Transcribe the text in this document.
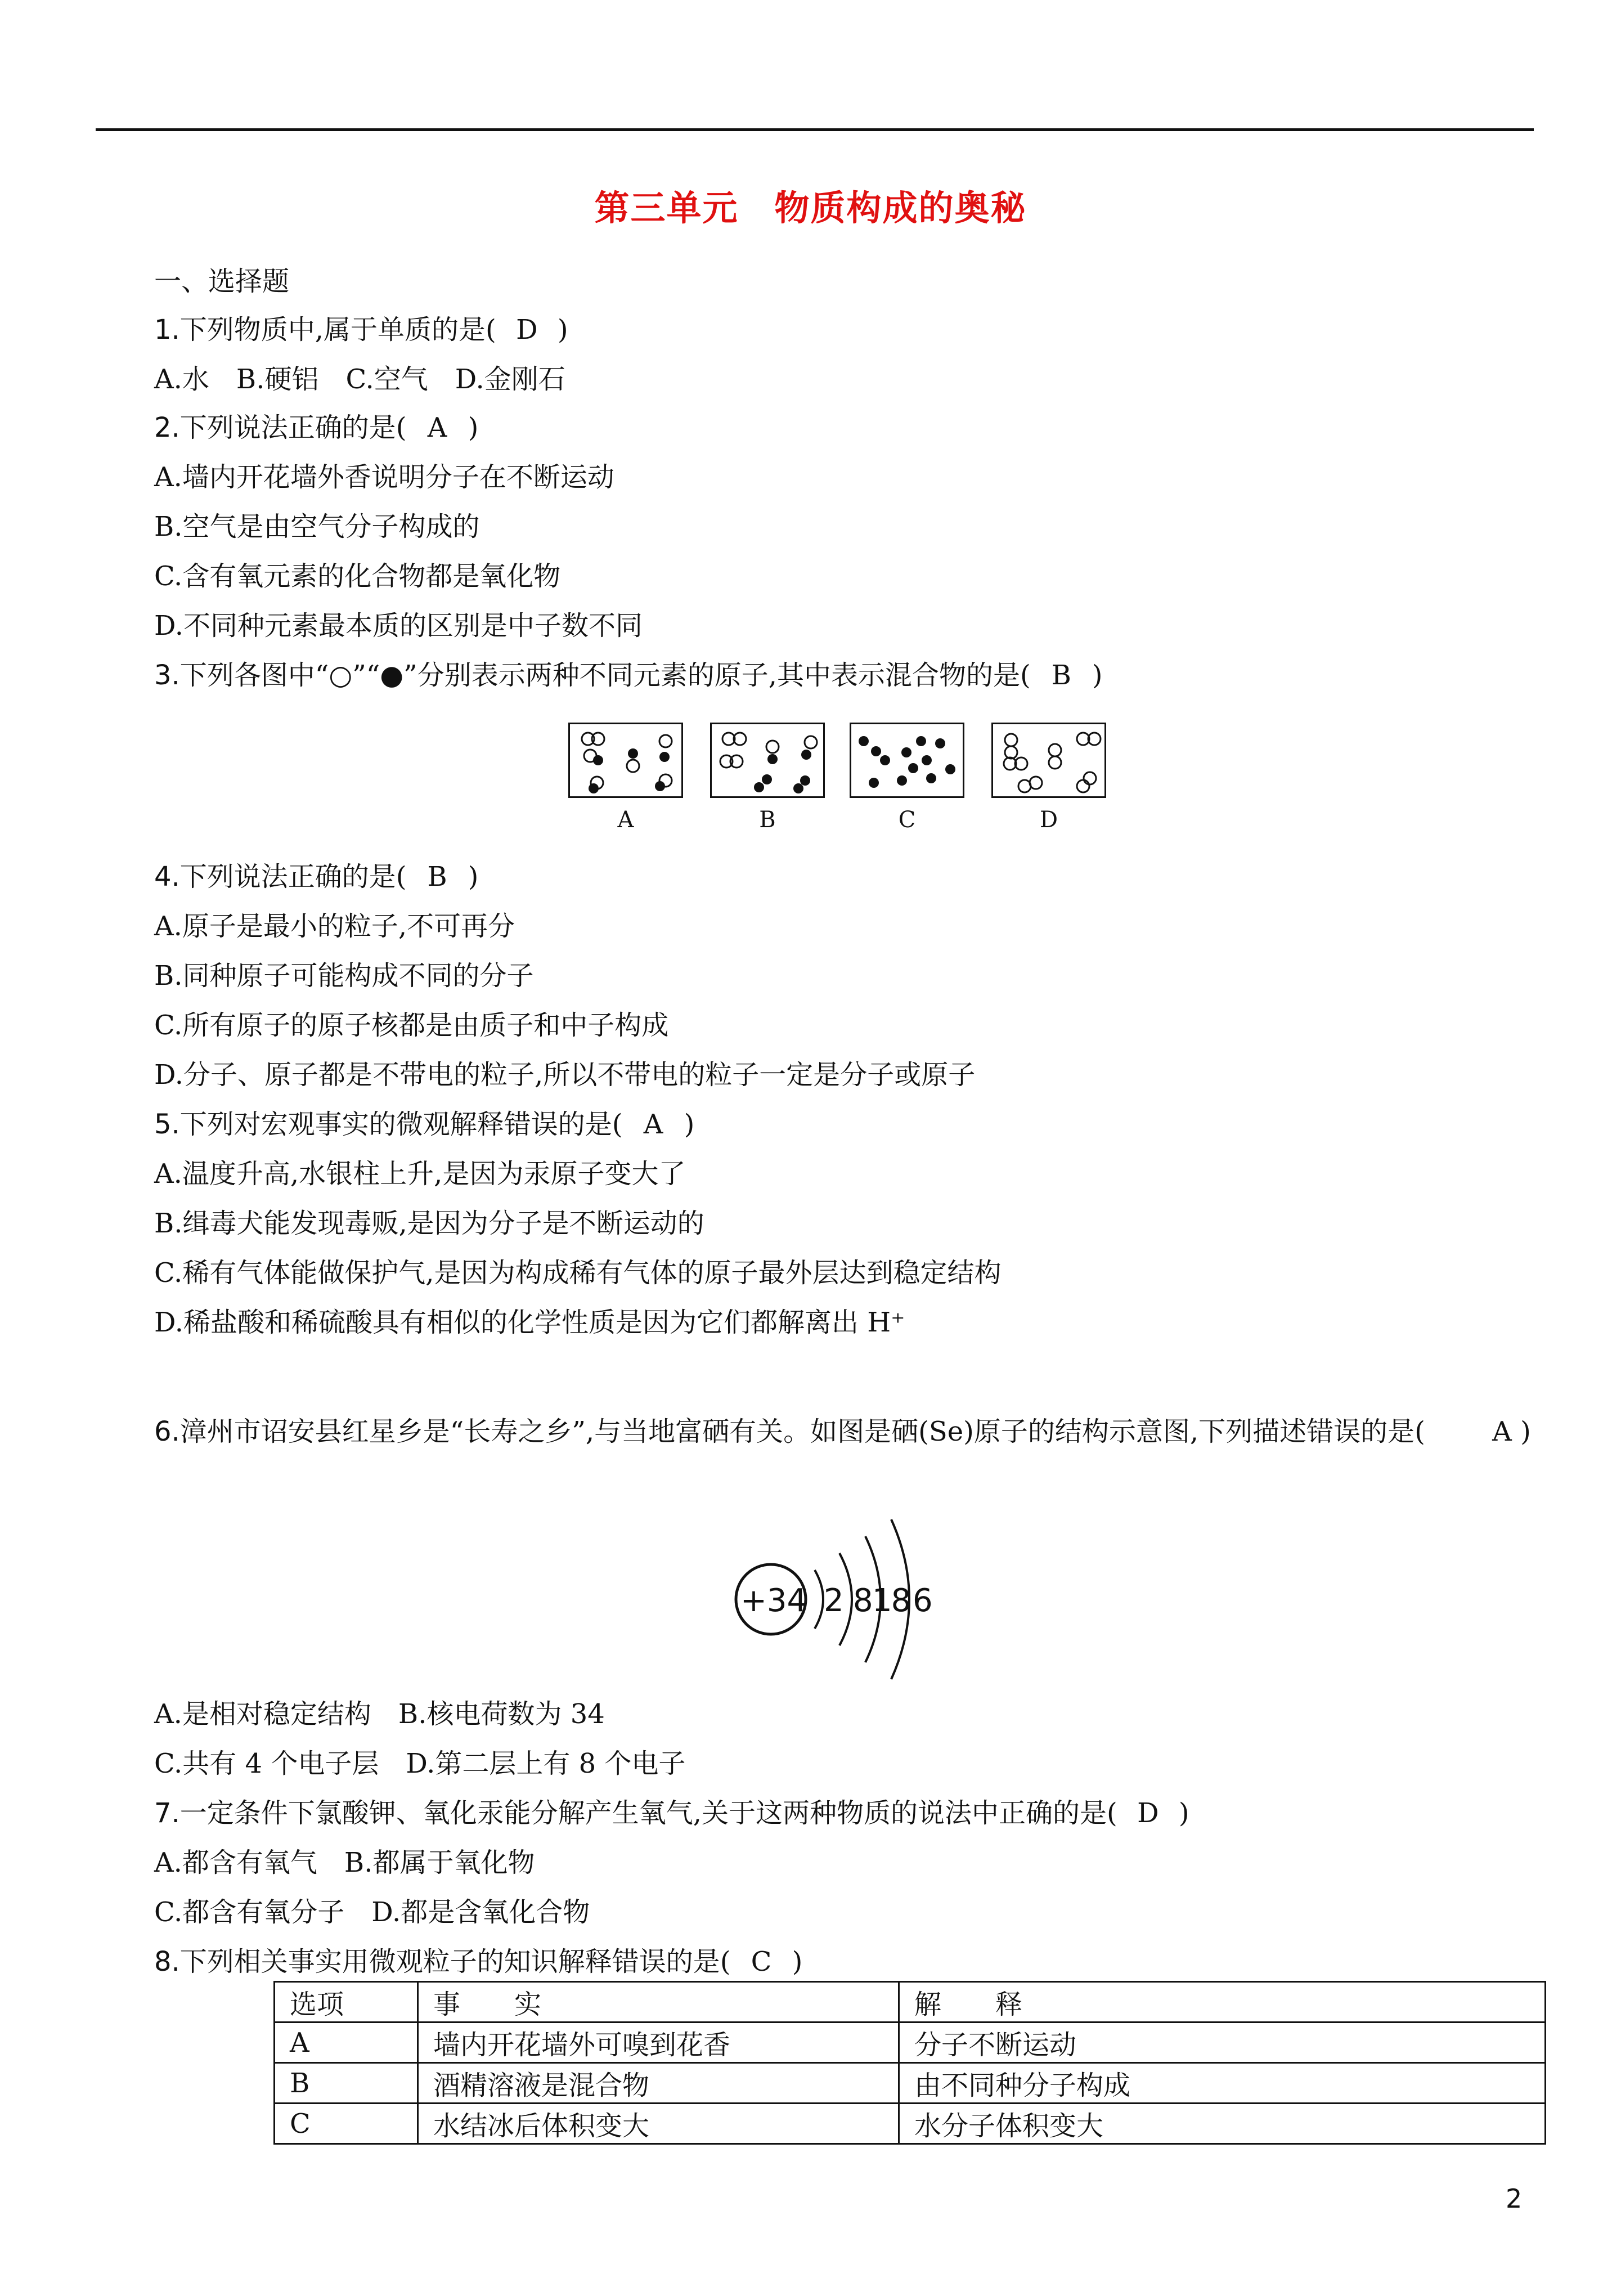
第三单元　物质构成的奥秘
一、选择题
1.下列物质中,属于单质的是( D )
A.水　B.硬铝　C.空气　D.金刚石
2.下列说法正确的是( A )
A.墙内开花墙外香说明分子在不断运动
B.空气是由空气分子构成的
C.含有氧元素的化合物都是氧化物
D.不同种元素最本质的区别是中子数不同
3.下列各图中“○”“●”分别表示两种不同元素的原子,其中表示混合物的是( B )
A	B	C	D
4.下列说法正确的是( B )
A.原子是最小的粒子,不可再分
B.同种原子可能构成不同的分子
C.所有原子的原子核都是由质子和中子构成
D.分子、原子都是不带电的粒子,所以不带电的粒子一定是分子或原子
5.下列对宏观事实的微观解释错误的是( A )
A.温度升高,水银柱上升,是因为汞原子变大了
B.缉毒犬能发现毒贩,是因为分子是不断运动的
C.稀有气体能做保护气,是因为构成稀有气体的原子最外层达到稳定结构
D.稀盐酸和稀硫酸具有相似的化学性质是因为它们都解离出 H⁺
6.漳州市诏安县红星乡是“长寿之乡”,与当地富硒有关。如图是硒(Se)原子的结构示意图,下列描述错误的是( A )
+34 2 8
18 6
A.是相对稳定结构　B.核电荷数为 34
C.共有 4 个电子层　D.第二层上有 8 个电子
7.一定条件下氯酸钾、氧化汞能分解产生氧气,关于这两种物质的说法中正确的是( D )
A.都含有氧气　B.都属于氧化物
C.都含有氧分子　D.都是含氧化合物
8.下列相关事实用微观粒子的知识解释错误的是( C )
选项	事　　实	解　　释
A	墙内开花墙外可嗅到花香	分子不断运动
B	酒精溶液是混合物	由不同种分子构成
C	水结冰后体积变大	水分子体积变大
2
